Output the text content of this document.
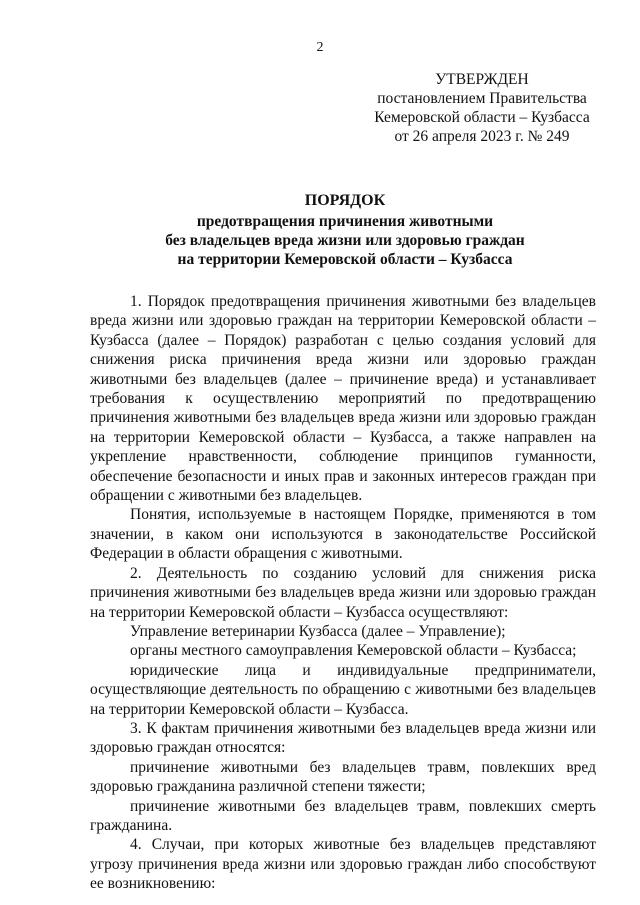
2
УТВЕРЖДЕН
постановлением Правительства
Кемеровской области – Кузбасса
от 26 апреля 2023 г. № 249
ПОРЯДОК
предотвращения причинения животными
без владельцев вреда жизни или здоровью граждан
на территории Кемеровской области – Кузбасса

1. Порядок предотвращения причинения животными без владельцев вреда жизни или здоровью граждан на территории Кемеровской области – Кузбасса (далее – Порядок) разработан с целью создания условий для снижения риска причинения вреда жизни или здоровью граждан животными без владельцев (далее – причинение вреда) и устанавливает требования к осуществлению мероприятий по предотвращению причинения животными без владельцев вреда жизни или здоровью граждан на территории Кемеровской области – Кузбасса, а также направлен на укрепление нравственности, соблюдение принципов гуманности, обеспечение безопасности и иных прав и законных интересов граждан при обращении с животными без владельцев.

Понятия, используемые в настоящем Порядке, применяются в том значении, в каком они используются в законодательстве Российской Федерации в области обращения с животными.

2. Деятельность по созданию условий для снижения риска причинения животными без владельцев вреда жизни или здоровью граждан на территории Кемеровской области – Кузбасса осуществляют:

Управление ветеринарии Кузбасса (далее – Управление);

органы местного самоуправления Кемеровской области – Кузбасса;

юридические лица и индивидуальные предприниматели, осуществляющие деятельность по обращению с животными без владельцев на территории Кемеровской области – Кузбасса.

3. К фактам причинения животными без владельцев вреда жизни или здоровью граждан относятся:

причинение животными без владельцев травм, повлекших вред здоровью гражданина различной степени тяжести;

причинение животными без владельцев травм, повлекших смерть гражданина.

4. Случаи, при которых животные без владельцев представляют угрозу причинения вреда жизни или здоровью граждан либо способствуют ее возникновению:
